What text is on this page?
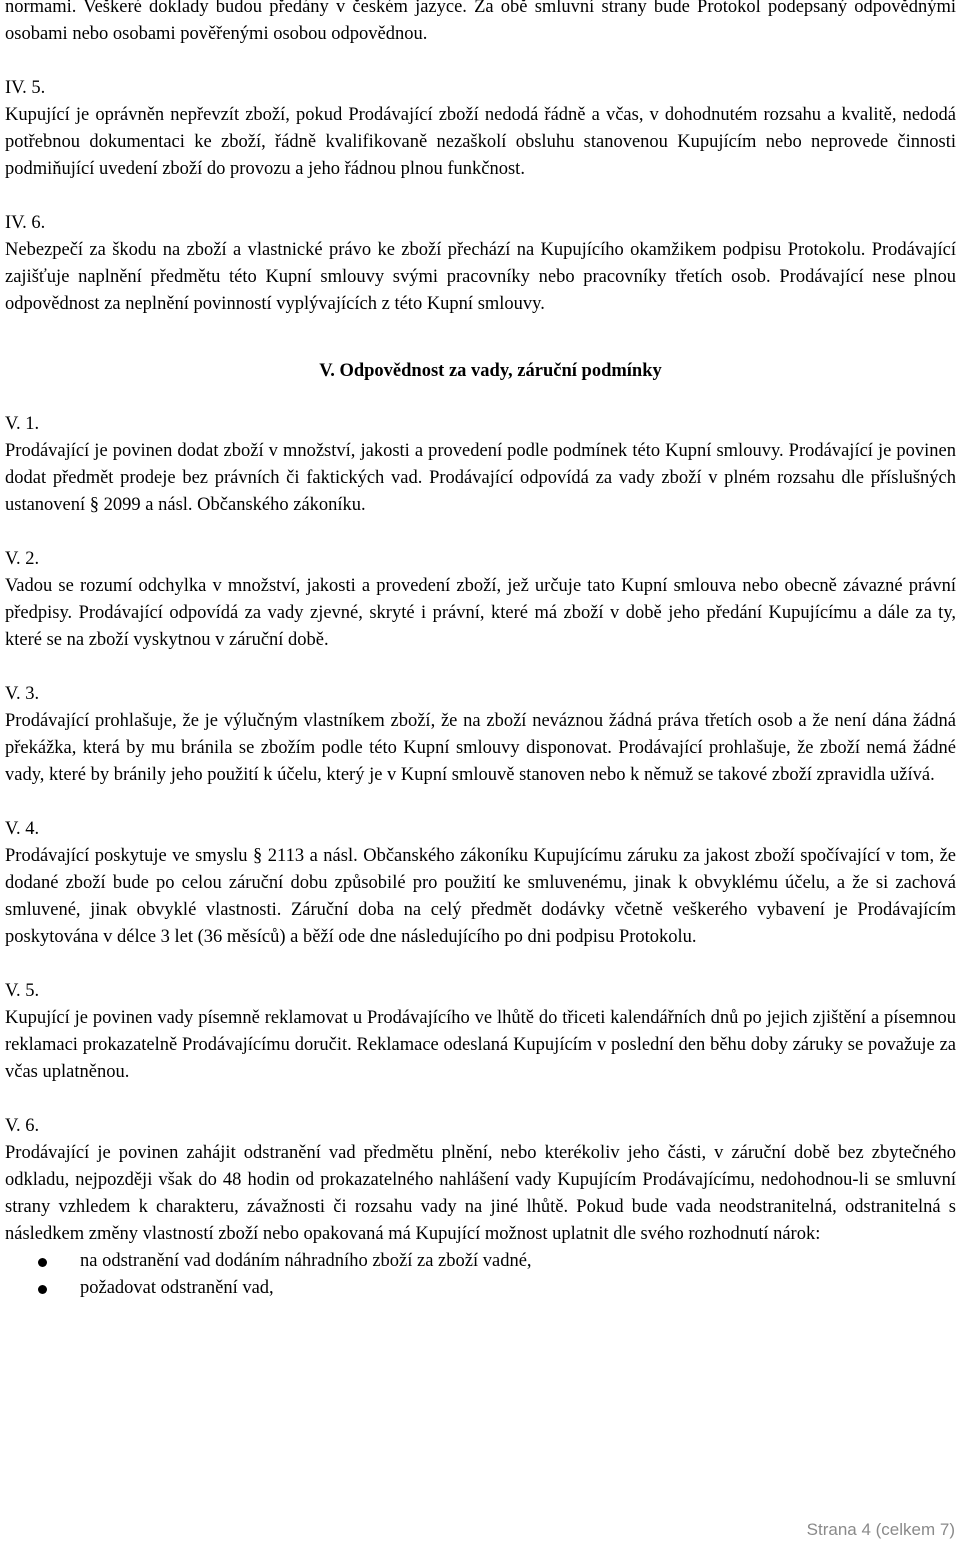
normami. Veškeré doklady budou předány v českém jazyce. Za obě smluvní strany bude Protokol podepsaný odpovědnými osobami nebo osobami pověřenými osobou odpovědnou.

IV. 5.

Kupující je oprávněn nepřevzít zboží, pokud Prodávající zboží nedodá řádně a včas, v dohodnutém rozsahu a kvalitě, nedodá potřebnou dokumentaci ke zboží, řádně kvalifikovaně nezaškolí obsluhu stanovenou Kupujícím nebo neprovede činnosti podmiňující uvedení zboží do provozu a jeho řádnou plnou funkčnost.

IV. 6.

Nebezpečí za škodu na zboží a vlastnické právo ke zboží přechází na Kupujícího okamžikem podpisu Protokolu. Prodávající zajišťuje naplnění předmětu této Kupní smlouvy svými pracovníky nebo pracovníky třetích osob. Prodávající nese plnou odpovědnost za neplnění povinností vyplývajících z této Kupní smlouvy.

V. Odpovědnost za vady, záruční podmínky

V. 1.

Prodávající je povinen dodat zboží v množství, jakosti a provedení podle podmínek této Kupní smlouvy. Prodávající je povinen dodat předmět prodeje bez právních či faktických vad. Prodávající odpovídá za vady zboží v plném rozsahu dle příslušných ustanovení § 2099 a násl. Občanského zákoníku.

V. 2.

Vadou se rozumí odchylka v množství, jakosti a provedení zboží, jež určuje tato Kupní smlouva nebo obecně závazné právní předpisy. Prodávající odpovídá za vady zjevné, skryté i právní, které má zboží v době jeho předání Kupujícímu a dále za ty, které se na zboží vyskytnou v záruční době.

V. 3.

Prodávající prohlašuje, že je výlučným vlastníkem zboží, že na zboží neváznou žádná práva třetích osob a že není dána žádná překážka, která by mu bránila se zbožím podle této Kupní smlouvy disponovat. Prodávající prohlašuje, že zboží nemá žádné vady, které by bránily jeho použití k účelu, který je v Kupní smlouvě stanoven nebo k němuž se takové zboží zpravidla užívá.

V. 4.

Prodávající poskytuje ve smyslu § 2113 a násl. Občanského zákoníku Kupujícímu záruku za jakost zboží spočívající v tom, že dodané zboží bude po celou záruční dobu způsobilé pro použití ke smluvenému, jinak k obvyklému účelu, a že si zachová smluvené, jinak obvyklé vlastnosti. Záruční doba na celý předmět dodávky včetně veškerého vybavení je Prodávajícím poskytována v délce 3 let (36 měsíců) a běží ode dne následujícího po dni podpisu Protokolu.

V. 5.

Kupující je povinen vady písemně reklamovat u Prodávajícího ve lhůtě do třiceti kalendářních dnů po jejich zjištění a písemnou reklamaci prokazatelně Prodávajícímu doručit. Reklamace odeslaná Kupujícím v poslední den běhu doby záruky se považuje za včas uplatněnou.

V. 6.

Prodávající je povinen zahájit odstranění vad předmětu plnění, nebo kterékoliv jeho části, v záruční době bez zbytečného odkladu, nejpozději však do 48 hodin od prokazatelného nahlášení vady Kupujícím Prodávajícímu, nedohodnou-li se smluvní strany vzhledem k charakteru, závažnosti či rozsahu vady na jiné lhůtě. Pokud bude vada neodstranitelná, odstranitelná s následkem změny vlastností zboží nebo opakovaná má Kupující možnost uplatnit dle svého rozhodnutí nárok:

na odstranění vad dodáním náhradního zboží za zboží vadné,
požadovat odstranění vad,
Strana 4 (celkem 7)
